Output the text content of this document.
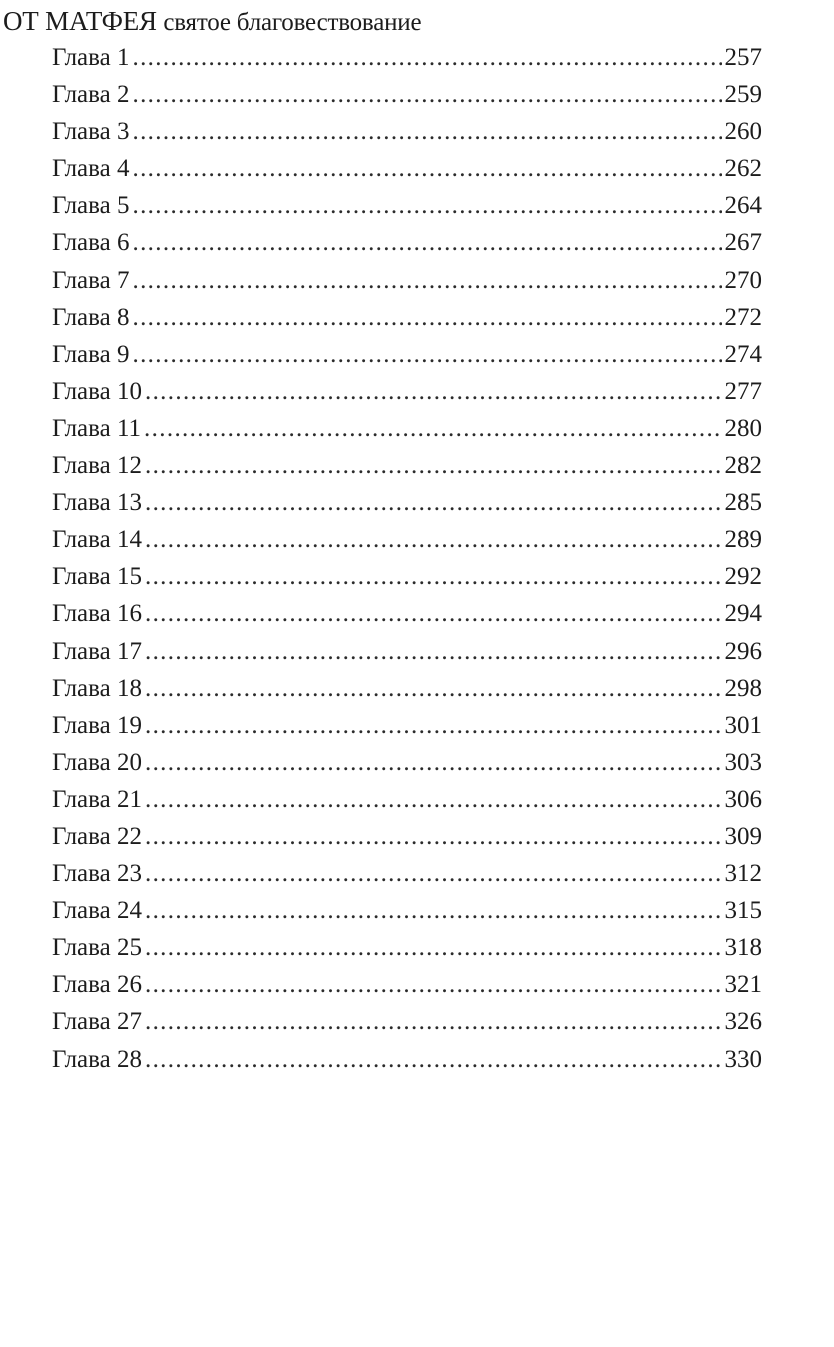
ОТ МАТФЕЯ святое благовествование
Глава 1 .....	257
Глава 2 .....	259
Глава 3 .....	260
Глава 4 .....	262
Глава 5 .....	264
Глава 6 .....	267
Глава 7 .....	270
Глава 8 .....	272
Глава 9 .....	274
Глава 10 .....	277
Глава 11 .....	280
Глава 12 .....	282
Глава 13 .....	285
Глава 14 .....	289
Глава 15 .....	292
Глава 16 .....	294
Глава 17 .....	296
Глава 18 .....	298
Глава 19 .....	301
Глава 20 .....	303
Глава 21 .....	306
Глава 22 .....	309
Глава 23 .....	312
Глава 24 .....	315
Глава 25 .....	318
Глава 26 .....	321
Глава 27 .....	326
Глава 28 .....	330
